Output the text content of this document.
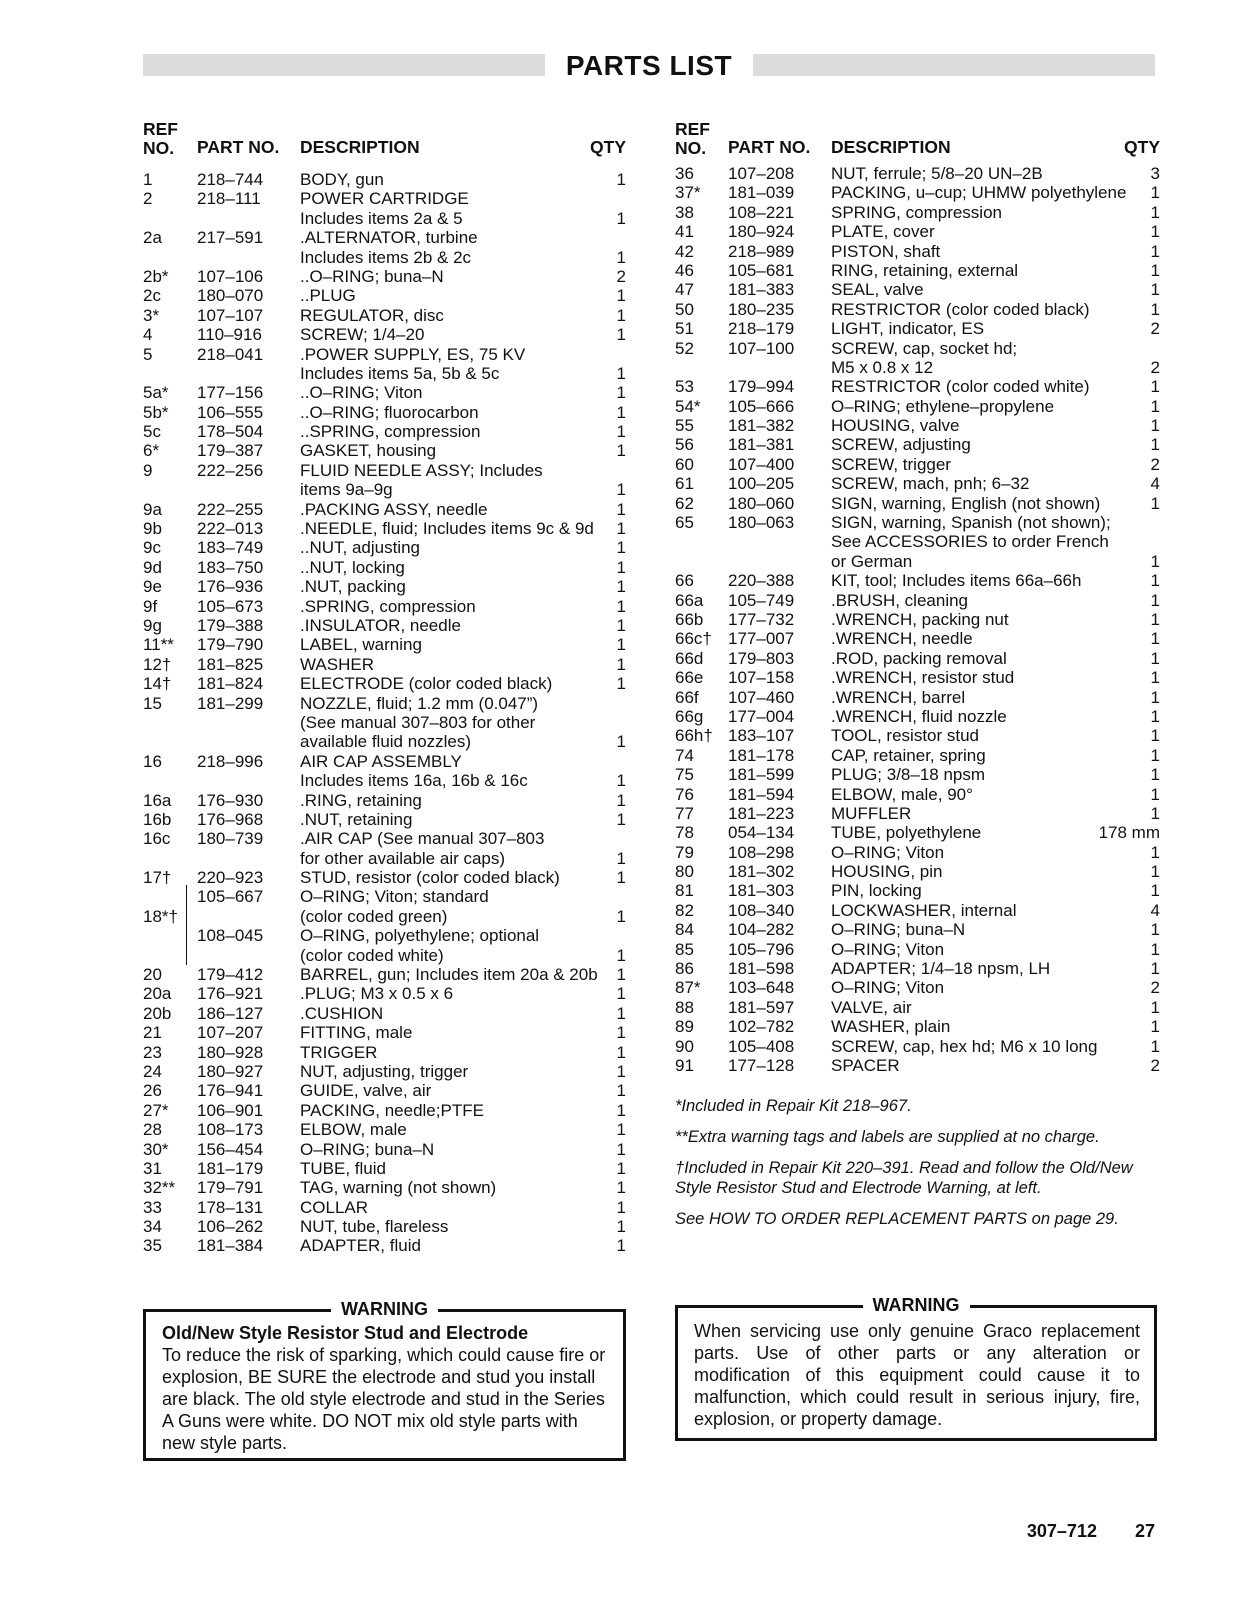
PARTS LIST
REF
NO. PART NO. DESCRIPTION	QTY
1	218–744 BODY, gun	1
2	218–111 POWER CARTRIDGE
Includes items 2a & 5	1
2a 217–591 .ALTERNATOR, turbine
Includes items 2b & 2c	1
2b* 107–106 ..O–RING; buna–N	2
2c 180–070 ..PLUG	1
3* 107–107 REGULATOR, disc	1
4	110–916 SCREW; 1/4–20	1
5	218–041 .POWER SUPPLY, ES, 75 KV
Includes items 5a, 5b & 5c	1
5a* 177–156 ..O–RING; Viton	1
5b* 106–555 ..O–RING; fluorocarbon	1
5c 178–504 ..SPRING, compression	1
6* 179–387 GASKET, housing	1
9	222–256 FLUID NEEDLE ASSY; Includes
items 9a–9g	1
9a 222–255 .PACKING ASSY, needle	1
9b 222–013 .NEEDLE, fluid; Includes items 9c & 9d 1
9c 183–749 ..NUT, adjusting	1
9d 183–750 ..NUT, locking	1
9e 176–936 .NUT, packing	1
9f 105–673 .SPRING, compression	1
9g 179–388 .INSULATOR, needle	1
11** 179–790 LABEL, warning	1
12† 181–825 WASHER	1
14† 181–824 ELECTRODE (color coded black)	1
15 181–299 NOZZLE, fluid; 1.2 mm (0.047”)
(See manual 307–803 for other
available fluid nozzles)	1
16 218–996 AIR CAP ASSEMBLY
Includes items 16a, 16b & 16c	1
16a 176–930 .RING, retaining	1
16b 176–968 .NUT, retaining	1
16c 180–739 .AIR CAP (See manual 307–803
for other available air caps)	1
17† 220–923 STUD, resistor (color coded black)	1
105–667 O–RING; Viton; standard
18*†	(color coded green)	1
108–045 O–RING, polyethylene; optional
(color coded white)	1
20 179–412 BARREL, gun; Includes item 20a & 20b 1
20a 176–921 .PLUG; M3 x 0.5 x 6	1
20b 186–127 .CUSHION	1
21 107–207 FITTING, male	1
23 180–928 TRIGGER	1
24 180–927 NUT, adjusting, trigger	1
26 176–941 GUIDE, valve, air	1
27* 106–901 PACKING, needle;PTFE	1
28 108–173 ELBOW, male	1
30* 156–454 O–RING; buna–N	1
31 181–179 TUBE, fluid	1
32** 179–791 TAG, warning (not shown)	1
33 178–131 COLLAR	1
34 106–262 NUT, tube, flareless	1
35 181–384 ADAPTER, fluid	1
REF
NO. PART NO. DESCRIPTION	QTY
36 107–208 NUT, ferrule; 5/8–20 UN–2B	3
37* 181–039 PACKING, u–cup; UHMW polyethylene 1
38 108–221 SPRING, compression	1
41 180–924 PLATE, cover	1
42 218–989 PISTON, shaft	1
46 105–681 RING, retaining, external	1
47 181–383 SEAL, valve	1
50 180–235 RESTRICTOR (color coded black)	1
51 218–179 LIGHT, indicator, ES	2
52 107–100 SCREW, cap, socket hd;
M5 x 0.8 x 12	2
53 179–994 RESTRICTOR (color coded white)	1
54* 105–666 O–RING; ethylene–propylene	1
55 181–382 HOUSING, valve	1
56 181–381 SCREW, adjusting	1
60 107–400 SCREW, trigger	2
61 100–205 SCREW, mach, pnh; 6–32	4
62 180–060 SIGN, warning, English (not shown)	1
65 180–063 SIGN, warning, Spanish (not shown);
See ACCESSORIES to order French
or German	1
66 220–388 KIT, tool; Includes items 66a–66h	1
66a 105–749 .BRUSH, cleaning	1
66b 177–732 .WRENCH, packing nut	1
66c† 177–007 .WRENCH, needle	1
66d 179–803 .ROD, packing removal	1
66e 107–158 .WRENCH, resistor stud	1
66f 107–460 .WRENCH, barrel	1
66g 177–004 .WRENCH, fluid nozzle	1
66h† 183–107 TOOL, resistor stud	1
74 181–178 CAP, retainer, spring	1
75 181–599 PLUG; 3/8–18 npsm	1
76 181–594 ELBOW, male, 90°	1
77 181–223 MUFFLER	1
78 054–134 TUBE, polyethylene	178 mm
79 108–298 O–RING; Viton	1
80 181–302 HOUSING, pin	1
81 181–303 PIN, locking	1
82 108–340 LOCKWASHER, internal	4
84 104–282 O–RING; buna–N	1
85 105–796 O–RING; Viton	1
86 181–598 ADAPTER; 1/4–18 npsm, LH	1
87* 103–648 O–RING; Viton	2
88 181–597 VALVE, air	1
89 102–782 WASHER, plain	1
90 105–408 SCREW, cap, hex hd; M6 x 10 long	1
91 177–128 SPACER	2

*Included in Repair Kit 218–967.

**Extra warning tags and labels are supplied at no charge.

†Included in Repair Kit 220–391. Read and follow the Old/New Style Resistor Stud and Electrode Warning, at left.

See HOW TO ORDER REPLACEMENT PARTS on page 29.

WARNING
Old/New Style Resistor Stud and Electrode
To reduce the risk of sparking, which could cause fire or explosion, BE SURE the electrode and stud you install are black. The old style electrode and stud in the Series A Guns were white. DO NOT mix old style parts with new style parts.
WARNING
When servicing use only genuine Graco replacement parts. Use of other parts or any alteration or modification of this equipment could cause it to malfunction, which could result in serious injury, fire, explosion, or property damage.
307–712 27
